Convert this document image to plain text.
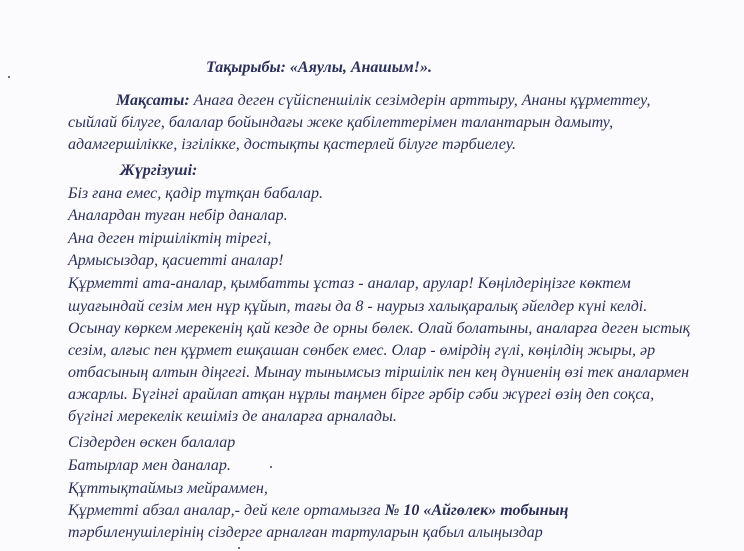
Тақырыбы: «Аяулы, Анашым!».
Мақсаты: Анаға деген сүйіспеншілік сезімдерін арттыру, Ананы құрметтеу,
сыйлай білуге, балалар бойындағы жеке қабілеттерімен талантарын дамыту,
адамгершілікке, ізгілікке, достықты қастерлей білуге тәрбиелеу.
Жүргізуші:
Біз ғана емес, қадір тұтқан бабалар.
Аналардан туған небір даналар.
Ана деген тіршіліктің тірегі,
Армысыздар, қасиетті аналар!
Құрметті ата-аналар, қымбатты ұстаз - аналар, арулар! Көңілдеріңізге көктем
шуағындай сезім мен нұр құйып, тағы да 8 - наурыз халықаралық әйелдер күні келді.
Осынау көркем мерекенің қай кезде де орны бөлек. Олай болатыны, аналарға деген ыстық
сезім, алғыс пен құрмет ешқашан сөнбек емес. Олар - өмірдің гүлі, көңілдің жыры, әр
отбасының алтын діңгегі. Мынау тынымсыз тіршілік пен кең дүниенің өзі тек аналармен
ажарлы. Бүгінгі арайлап атқан нұрлы таңмен бірге әрбір сәби жүрегі өзің деп соқса,
бүгінгі мерекелік кешіміз де аналарға арналады.
Сіздерден өскен балалар
Батырлар мен даналар.
Құттықтаймыз мейраммен,
Құрметті абзал аналар,- дей келе ортамызға № 10 «Айгөлек» тобының
тәрбиленушілерінің сіздерге арналған тартуларын қабыл алыңыздар
